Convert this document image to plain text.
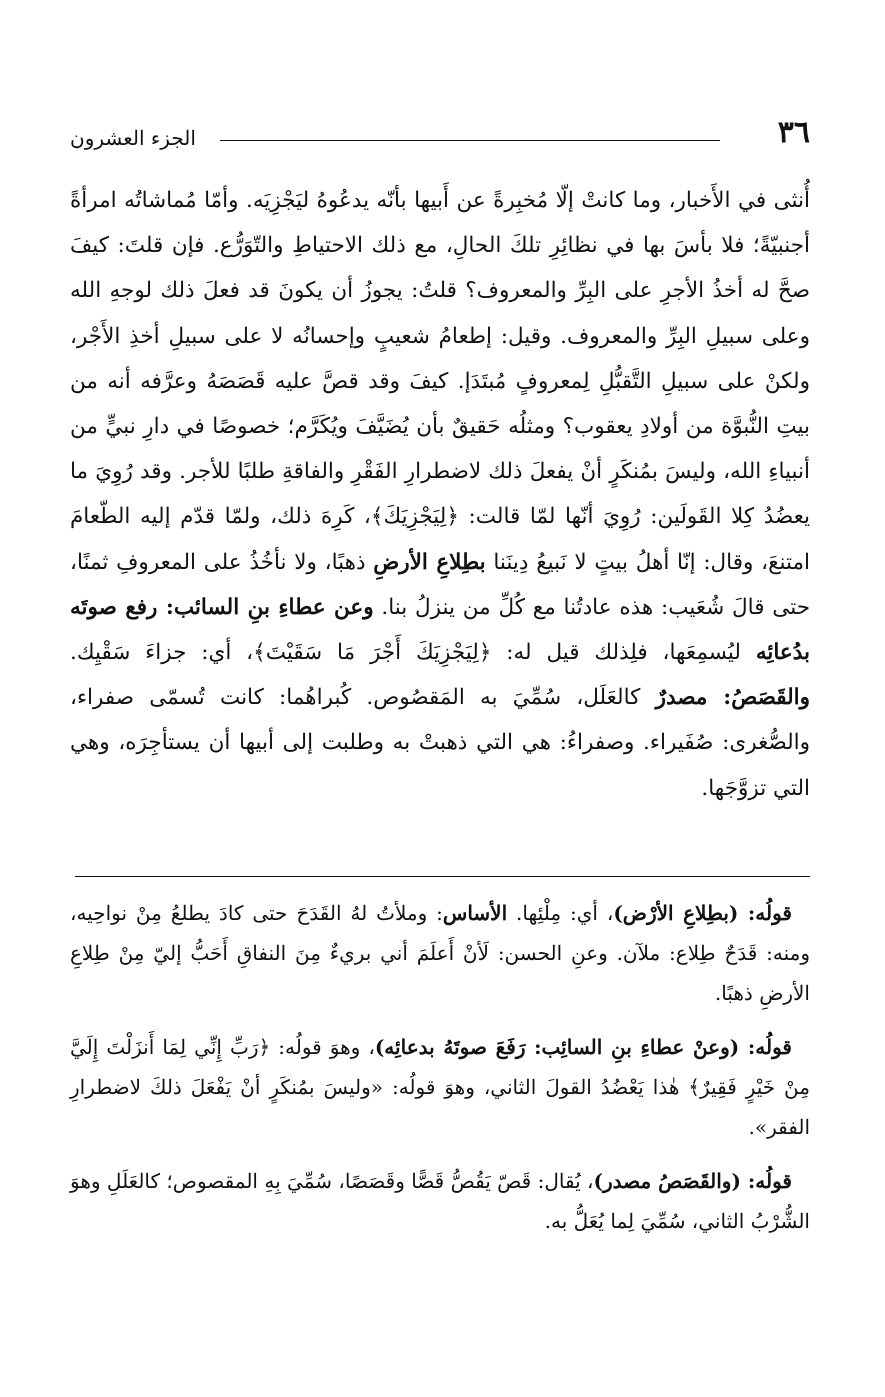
٣٦
الجزء العشرون

أُنثى في الأَخبار، وما كانتْ إلّا مُخبِرةً عن أَبيها بأنّه يدعُوهُ ليَجْزِيَه. وأمّا مُماشاتُه امرأةً أجنبيّةً؛ فلا بأسَ بها في نظائِرِ تلكَ الحالِ، مع ذلك الاحتياطِ والتّوَرُّع. فإن قلتَ: كيفَ صحَّ له أخذُ الأجرِ على البِرِّ والمعروف؟ قلتُ: يجوزُ أن يكونَ قد فعلَ ذلك لوجهِ الله وعلى سبيلِ البِرِّ والمعروف. وقيل: إطعامُ شعيبٍ وإحسانُه لا على سبيلِ أخذِ الأَجْر، ولكنْ على سبيلِ التَّقبُّلِ لِمعروفٍ مُبتَدَإ. كيفَ وقد قصَّ عليه قَصَصَهُ وعرَّفه أنه من بيتِ النُّبوَّة من أولادِ يعقوب؟ ومثلُه حَقيقٌ بأن يُضَيَّفَ ويُكَرَّم؛ خصوصًا في دارِ نبيٍّ من أنبياءِ الله، وليسَ بمُنكَرٍ أنْ يفعلَ ذلك لاضطرارِ الفَقْرِ والفاقةِ طلبًا للأجر. وقد رُوِيَ ما يعضُدُ كِلا القَولَين: رُوِيَ أنّها لمّا قالت: ﴿لِيَجْزِيَكَ﴾، كَرِهَ ذلك، ولمّا قدّم إليه الطّعامَ امتنعَ، وقال: إنّا أهلُ بيتٍ لا نَبيعُ دِينَنا بطِلاعِ الأرضِ ذهبًا، ولا نأخُذُ على المعروفِ ثمنًا، حتى قالَ شُعَيب: هذه عادتُنا مع كُلِّ من ينزلُ بنا. وعن عطاءِ بنِ السائب: رفع صوتَه بدُعائِه ليُسمِعَها، فلِذلك قيل له: ﴿لِيَجْزِيَكَ أَجْرَ مَا سَقَيْتَ﴾، أي: جزاءَ سَقْيِك. والقَصَصُ: مصدرٌ كالعَلَل، سُمِّيَ به المَقصُوص. كُبراهُما: كانت تُسمّى صفراء، والصُّغرى: صُفَيراء. وصفراءُ: هي التي ذهبتْ به وطلبت إلى أبيها أن يستأجِرَه، وهي التي تزوَّجَها.

قولُه: (بطِلاعِ الأرْض)، أي: مِلْئِها. الأساس: وملأتُ لهُ القَدَحَ حتى كادَ يطلعُ مِنْ نواحِيه، ومنه: قَدَحٌ طِلاع: ملآن. وعنِ الحسن: لَأنْ أَعلَمَ أني بريءٌ مِنَ النفاقِ أَحَبُّ إليّ مِنْ طِلاعِ الأرضِ ذهبًا.

قولُه: (وعنْ عطاءِ بنِ السائِب: رَفَعَ صوتَهُ بدعائِه)، وهوَ قولُه: ﴿رَبِّ إِنِّي لِمَا أَنزَلْتَ إِلَيَّ مِنْ خَيْرٍ فَقِيرٌ﴾ هٰذا يَعْضُدُ القولَ الثاني، وهوَ قولُه: «وليسَ بمُنكَرٍ أنْ يَفْعَلَ ذلكَ لاضطرارِ الفقر».

قولُه: (والقَصَصُ مصدر)، يُقال: قَصّ يَقُصُّ قَصًّا وقَصَصًا، سُمِّيَ بِهِ المقصوص؛ كالعَلَلِ وهوَ الشُّرْبُ الثاني، سُمِّيَ لِما يُعَلُّ به.
